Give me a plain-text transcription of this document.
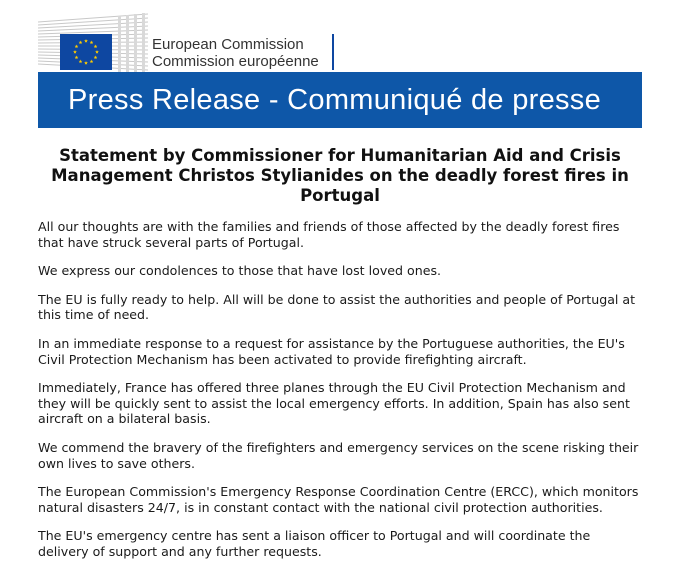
European Commission
Commission européenne
Press Release - Communiqué de presse
Statement by Commissioner for Humanitarian Aid and Crisis Management Christos Stylianides on the deadly forest fires in Portugal

All our thoughts are with the families and friends of those affected by the deadly forest fires that have struck several parts of Portugal.

We express our condolences to those that have lost loved ones.

The EU is fully ready to help. All will be done to assist the authorities and people of Portugal at this time of need.

In an immediate response to a request for assistance by the Portuguese authorities, the EU's Civil Protection Mechanism has been activated to provide firefighting aircraft.

Immediately, France has offered three planes through the EU Civil Protection Mechanism and they will be quickly sent to assist the local emergency efforts. In addition, Spain has also sent aircraft on a bilateral basis.

We commend the bravery of the firefighters and emergency services on the scene risking their own lives to save others.

The European Commission's Emergency Response Coordination Centre (ERCC), which monitors natural disasters 24/7, is in constant contact with the national civil protection authorities.

The EU's emergency centre has sent a liaison officer to Portugal and will coordinate the delivery of support and any further requests.
